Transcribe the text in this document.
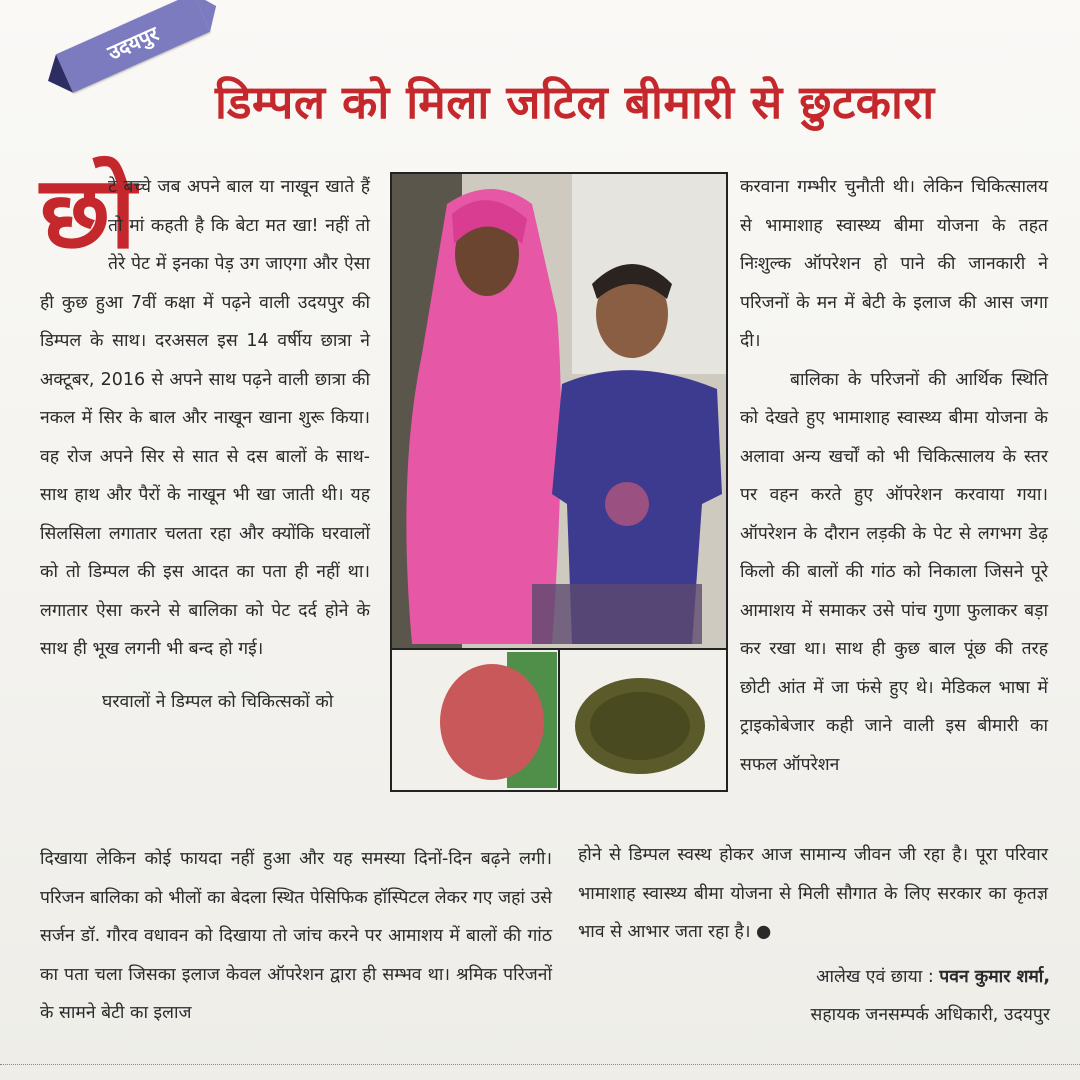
उदयपुर
डिम्पल को मिला जटिल बीमारी से छुटकारा

छो
टे बच्चे जब अपने बाल या नाखून खाते हैं तो मां कहती है कि बेटा मत खा! नहीं तो तेरे पेट में इनका पेड़ उग जाएगा और ऐसा ही कुछ हुआ 7वीं कक्षा में पढ़ने वाली उदयपुर की डिम्पल के साथ। दरअसल इस 14 वर्षीय छात्रा ने अक्टूबर, 2016 से अपने साथ पढ़ने वाली छात्रा की नकल में सिर के बाल और नाखून खाना शुरू किया। वह रोज अपने सिर से सात से दस बालों के साथ-साथ हाथ और पैरों के नाखून भी खा जाती थी। यह सिलसिला लगातार चलता रहा और क्योंकि घरवालों को तो डिम्पल की इस आदत का पता ही नहीं था। लगातार ऐसा करने से बालिका को पेट दर्द होने के साथ ही भूख लगनी भी बन्द हो गई।

घरवालों ने डिम्पल को चिकित्सकों को

करवाना गम्भीर चुनौती थी। लेकिन चिकित्सालय से भामाशाह स्वास्थ्य बीमा योजना के तहत निःशुल्क ऑपरेशन हो पाने की जानकारी ने परिजनों के मन में बेटी के इलाज की आस जगा दी।

बालिका के परिजनों की आर्थिक स्थिति को देखते हुए भामाशाह स्वास्थ्य बीमा योजना के अलावा अन्य खर्चों को भी चिकित्सालय के स्तर पर वहन करते हुए ऑपरेशन करवाया गया। ऑपरेशन के दौरान लड़की के पेट से लगभग डेढ़ किलो की बालों की गांठ को निकाला जिसने पूरे आमाशय में समाकर उसे पांच गुणा फुलाकर बड़ा कर रखा था। साथ ही कुछ बाल पूंछ की तरह छोटी आंत में जा फंसे हुए थे। मेडिकल भाषा में ट्राइकोबेजार कही जाने वाली इस बीमारी का सफल ऑपरेशन

दिखाया लेकिन कोई फायदा नहीं हुआ और यह समस्या दिनों-दिन बढ़ने लगी। परिजन बालिका को भीलों का बेदला स्थित पेसिफिक हॉस्पिटल लेकर गए जहां उसे सर्जन डॉ. गौरव वधावन को दिखाया तो जांच करने पर आमाशय में बालों की गांठ का पता चला जिसका इलाज केवल ऑपरेशन द्वारा ही सम्भव था। श्रमिक परिजनों के सामने बेटी का इलाज

होने से डिम्पल स्वस्थ होकर आज सामान्य जीवन जी रहा है। पूरा परिवार भामाशाह स्वास्थ्य बीमा योजना से मिली सौगात के लिए सरकार का कृतज्ञ भाव से आभार जता रहा है। ●

आलेख एवं छाया : पवन कुमार शर्मा,
सहायक जनसम्पर्क अधिकारी, उदयपुर
